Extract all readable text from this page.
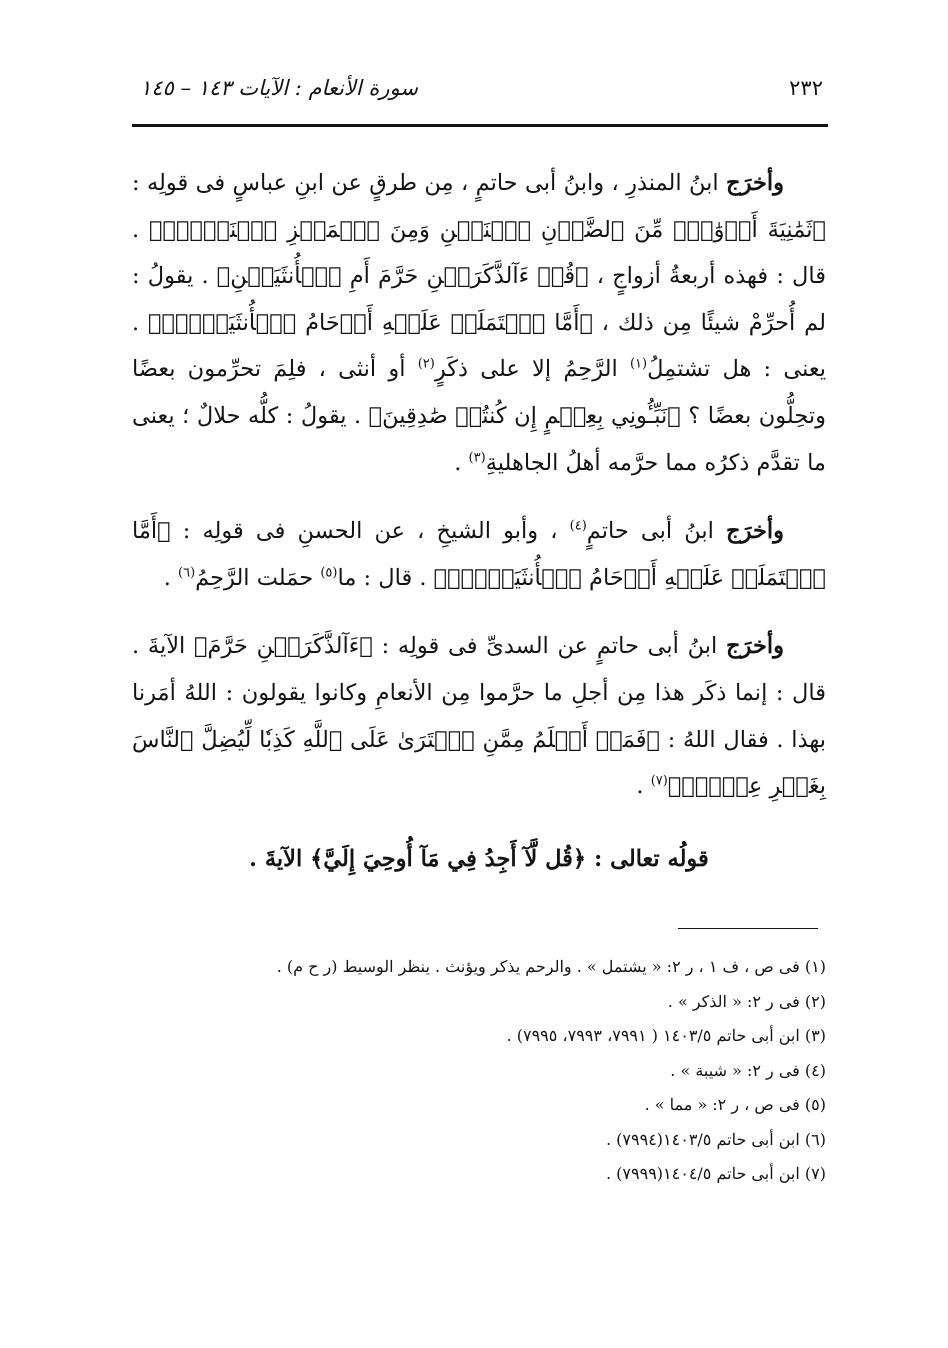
٢٣٢
سورة الأنعام : الآيات ١٤٣ – ١٤٥

وأخرَج ابنُ المنذرِ ، وابنُ أبى حاتمٍ ، مِن طرقٍ عن ابنِ عباسٍ فى قولِه : ﴿ثَمَٰنِيَةَ أَزۡوَٰجٖۖ مِّنَ ٱلضَّأۡنِ ٱثۡنَيۡنِ وَمِنَ ٱلۡمَعۡزِ ٱثۡنَيۡنِۗ﴾ . قال : فهذه أربعةُ أزواجٍ ، ﴿قُلۡ ءَآلذَّكَرَيۡنِ حَرَّمَ أَمِ ٱلۡأُنثَيَيۡنِ﴾ . يقولُ : لم أُحرِّمْ شيئًا مِن ذلك ، ﴿أَمَّا ٱشۡتَمَلَتۡ عَلَيۡهِ أَرۡحَامُ ٱلۡأُنثَيَيۡنِۖ﴾ . يعنى : هل تشتمِلُ$^{(١)}$ الرَّحِمُ إلا على ذكَرٍ$^{(٢)}$ أو أنثى ، فلِمَ تحرِّمون بعضًا وتحِلُّون بعضًا ؟ ﴿نَبِّـُٔونِي بِعِلۡمٍ إِن كُنتُمۡ صَٰدِقِينَ﴾ . يقولُ : كلُّه حلالٌ ؛ يعنى ما تقدَّم ذكرُه مما حرَّمه أهلُ الجاهليةِ$^{(٣)}$ .

وأخرَج ابنُ أبى حاتمٍ$^{(٤)}$ ، وأبو الشيخِ ، عن الحسنِ فى قولِه : ﴿أَمَّا ٱشۡتَمَلَتۡ عَلَيۡهِ أَرۡحَامُ ٱلۡأُنثَيَيۡنِۖ﴾ . قال : ما$^{(٥)}$ حمَلت الرَّحِمُ$^{(٦)}$ .

وأخرَج ابنُ أبى حاتمٍ عن السدىِّ فى قولِه : ﴿ءَآلذَّكَرَيۡنِ حَرَّمَ﴾ الآيةَ . قال : إنما ذكَر هذا مِن أجلِ ما حرَّموا مِن الأنعامِ وكانوا يقولون : اللهُ أمَرنا بهذا . فقال اللهُ : ﴿فَمَنۡ أَظۡلَمُ مِمَّنِ ٱفۡتَرَىٰ عَلَى ٱللَّهِ كَذِبٗا لِّيُضِلَّ ٱلنَّاسَ بِغَيۡرِ عِلۡمٍۚ﴾$^{(٧)}$ .

قولُه تعالى : ﴿قُل لَّآ أَجِدُ فِي مَآ أُوحِيَ إِلَيَّ﴾ الآيةَ .

(١) فى ص ، ف ١ ، ر ٢: « يشتمل » . والرحم يذكر ويؤنث . ينظر الوسيط (ر ح م) .

(٢) فى ر ٢: « الذكر » .

(٣) ابن أبى حاتم ١٤٠٣/٥ ( ٧٩٩١، ٧٩٩٣، ٧٩٩٥) .

(٤) فى ر ٢: « شيبة » .

(٥) فى ص ، ر ٢: « مما » .

(٦) ابن أبى حاتم ١٤٠٣/٥(٧٩٩٤) .

(٧) ابن أبى حاتم ١٤٠٤/٥(٧٩٩٩) .
